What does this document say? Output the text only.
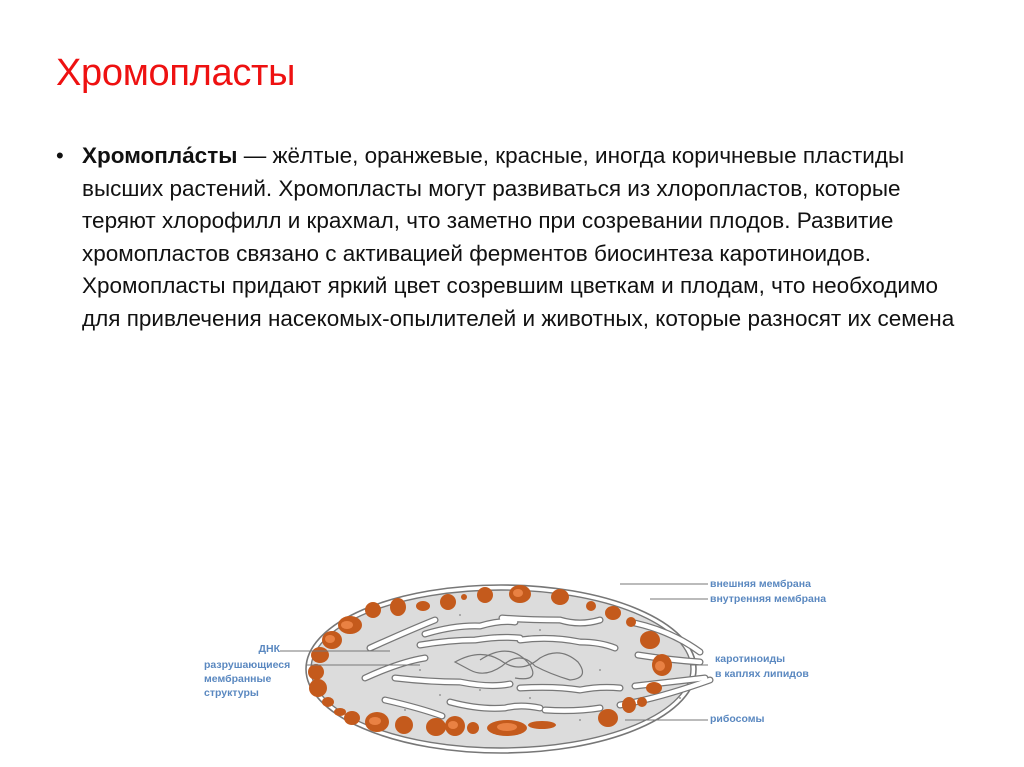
Хромопласты
• Хромопла́сты — жёлтые, оранжевые, красные, иногда коричневые пластиды высших растений. Хромопласты могут развиваться из хлоропластов, которые теряют хлорофилл и крахмал, что заметно при созревании плодов. Развитие хромопластов связано с активацией ферментов биосинтеза каротиноидов. Хромопласты придают яркий цвет созревшим цветкам и плодам, что необходимо для привлечения насекомых-опылителей и животных, которые разносят их семена
ДНК
разрушающиеся
мембранные
структуры
внешняя мембрана
внутренняя мембрана
каротиноиды
в каплях липидов
рибосомы
